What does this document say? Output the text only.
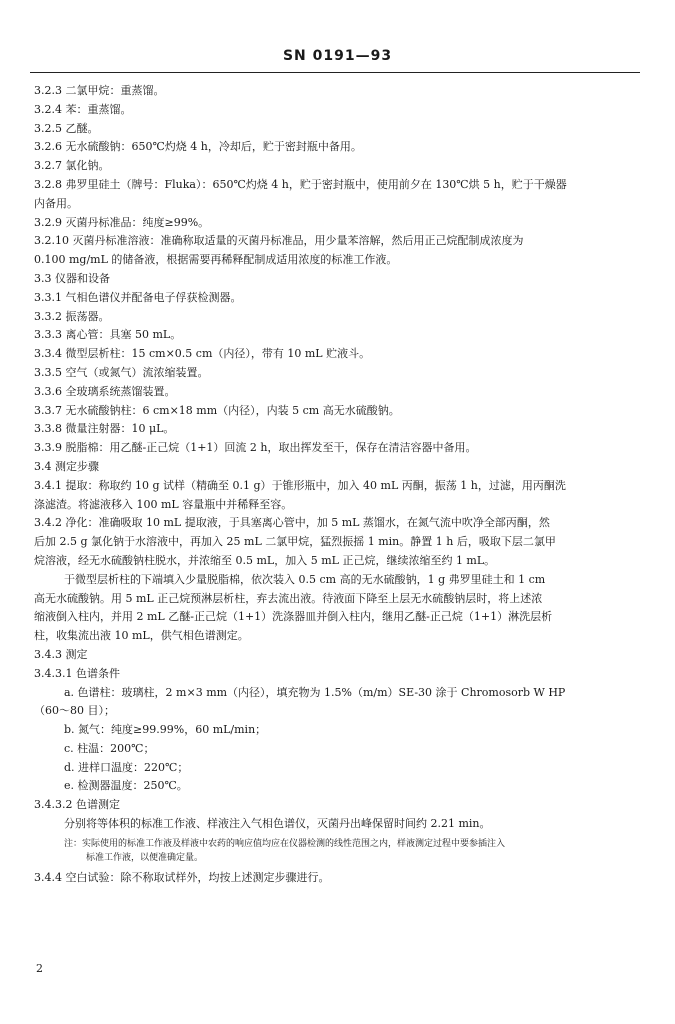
SN 0191—93
3.2.3 二氯甲烷：重蒸馏。
3.2.4 苯：重蒸馏。
3.2.5 乙醚。
3.2.6 无水硫酸钠：650℃灼烧 4 h，冷却后，贮于密封瓶中备用。
3.2.7 氯化钠。
3.2.8 弗罗里硅土（牌号：Fluka）：650℃灼烧 4 h，贮于密封瓶中，使用前夕在 130℃烘 5 h，贮于干燥器
内备用。
3.2.9 灭菌丹标准品：纯度≥99%。
3.2.10 灭菌丹标准溶液：准确称取适量的灭菌丹标准品，用少量苯溶解，然后用正己烷配制成浓度为
0.100 mg/mL 的储备液，根据需要再稀释配制成适用浓度的标准工作液。
3.3 仪器和设备
3.3.1 气相色谱仪并配备电子俘获检测器。
3.3.2 振荡器。
3.3.3 离心管：具塞 50 mL。
3.3.4 微型层析柱：15 cm×0.5 cm（内径），带有 10 mL 贮液斗。
3.3.5 空气（或氮气）流浓缩装置。
3.3.6 全玻璃系统蒸馏装置。
3.3.7 无水硫酸钠柱：6 cm×18 mm（内径），内装 5 cm 高无水硫酸钠。
3.3.8 微量注射器：10 μL。
3.3.9 脱脂棉：用乙醚-正己烷（1+1）回流 2 h，取出挥发至干，保存在清洁容器中备用。
3.4 测定步骤
3.4.1 提取：称取约 10 g 试样（精确至 0.1 g）于锥形瓶中，加入 40 mL 丙酮，振荡 1 h，过滤，用丙酮洗
涤滤渣。将滤液移入 100 mL 容量瓶中并稀释至容。
3.4.2 净化：准确吸取 10 mL 提取液，于具塞离心管中，加 5 mL 蒸馏水，在氮气流中吹净全部丙酮，然
后加 2.5 g 氯化钠于水溶液中，再加入 25 mL 二氯甲烷，猛烈振摇 1 min。静置 1 h 后，吸取下层二氯甲
烷溶液，经无水硫酸钠柱脱水，并浓缩至 0.5 mL，加入 5 mL 正己烷，继续浓缩至约 1 mL。
于微型层析柱的下端填入少量脱脂棉，依次装入 0.5 cm 高的无水硫酸钠，1 g 弗罗里硅土和 1 cm
高无水硫酸钠。用 5 mL 正己烷预淋层析柱，弃去流出液。待液面下降至上层无水硫酸钠层时，将上述浓
缩液倒入柱内，并用 2 mL 乙醚-正己烷（1+1）洗涤器皿并倒入柱内，继用乙醚-正己烷（1+1）淋洗层析
柱，收集流出液 10 mL，供气相色谱测定。
3.4.3 测定
3.4.3.1 色谱条件
a. 色谱柱：玻璃柱，2 m×3 mm（内径），填充物为 1.5%（m/m）SE-30 涂于 Chromosorb W HP
（60～80 目）；
b. 氮气：纯度≥99.99%，60 mL/min；
c. 柱温：200℃；
d. 进样口温度：220℃；
e. 检测器温度：250℃。
3.4.3.2 色谱测定
分别将等体积的标准工作液、样液注入气相色谱仪，灭菌丹出峰保留时间约 2.21 min。
注：实际使用的标准工作液及样液中农药的响应值均应在仪器检测的线性范围之内，样液测定过程中要参插注入
标准工作液，以便准确定量。
3.4.4 空白试验：除不称取试样外，均按上述测定步骤进行。
2
